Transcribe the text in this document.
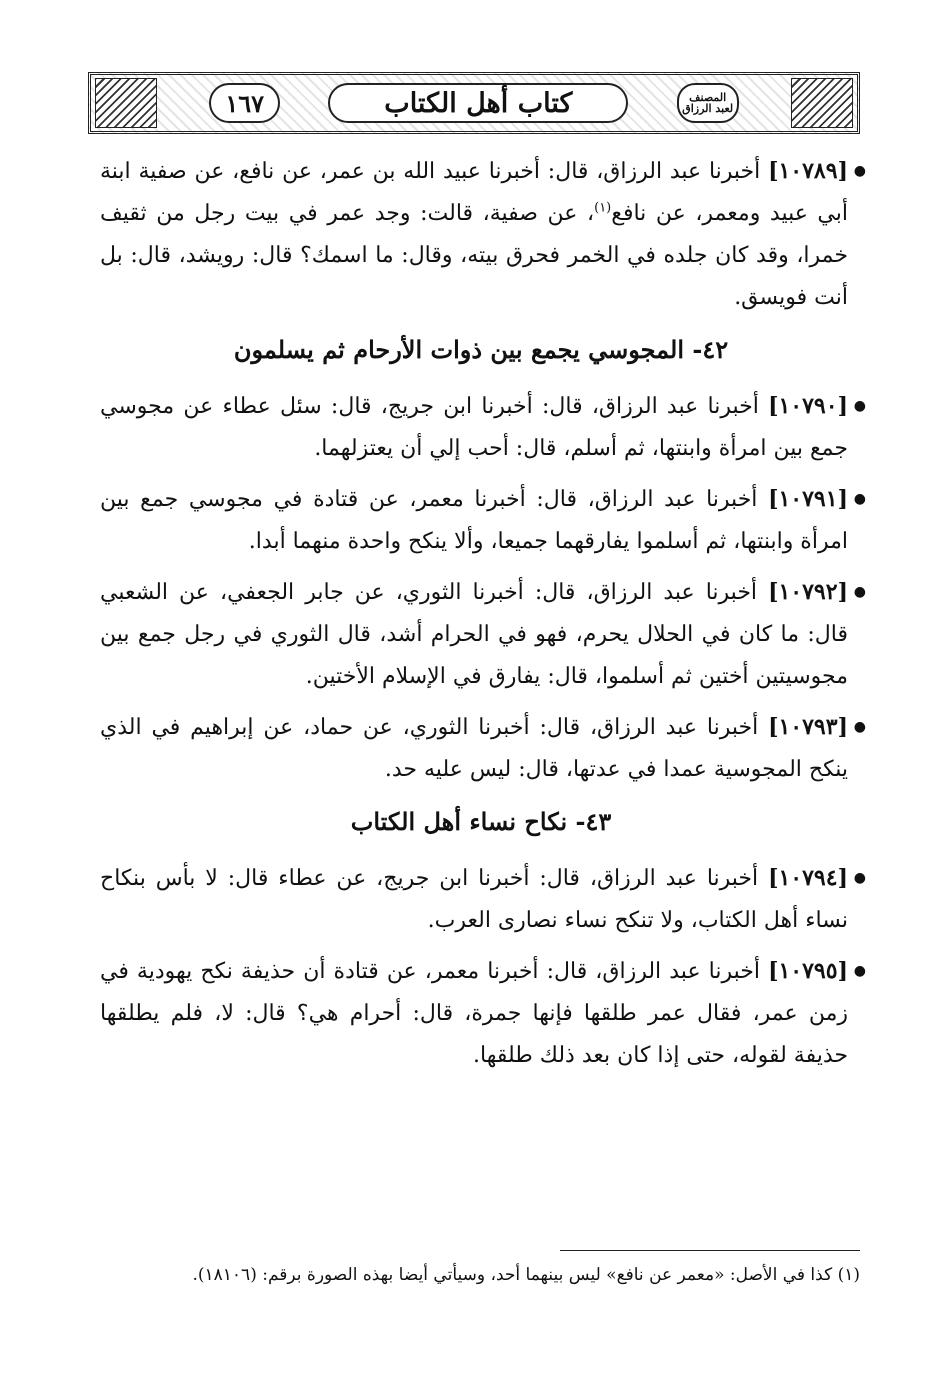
١٦٧	كتاب أهل الكتاب	المصنف لعبد الرزاق

●
[١٠٧٨٩] أخبرنا عبد الرزاق، قال: أخبرنا عبيد الله بن عمر، عن نافع، عن صفية ابنة أبي عبيد ومعمر، عن نافع$^{(١)}$، عن صفية، قالت: وجد عمر في بيت رجل من ثقيف خمرا، وقد كان جلده في الخمر فحرق بيته، وقال: ما اسمك؟ قال: رويشد، قال: بل أنت فويسق.

٤٢- المجوسي يجمع بين ذوات الأرحام ثم يسلمون

●
[١٠٧٩٠] أخبرنا عبد الرزاق، قال: أخبرنا ابن جريج، قال: سئل عطاء عن مجوسي جمع بين امرأة وابنتها، ثم أسلم، قال: أحب إلي أن يعتزلهما.

●
[١٠٧٩١] أخبرنا عبد الرزاق، قال: أخبرنا معمر، عن قتادة في مجوسي جمع بين امرأة وابنتها، ثم أسلموا يفارقهما جميعا، وألا ينكح واحدة منهما أبدا.

●
[١٠٧٩٢] أخبرنا عبد الرزاق، قال: أخبرنا الثوري، عن جابر الجعفي، عن الشعبي قال: ما كان في الحلال يحرم، فهو في الحرام أشد، قال الثوري في رجل جمع بين مجوسيتين أختين ثم أسلموا، قال: يفارق في الإسلام الأختين.

●
[١٠٧٩٣] أخبرنا عبد الرزاق، قال: أخبرنا الثوري، عن حماد، عن إبراهيم في الذي ينكح المجوسية عمدا في عدتها، قال: ليس عليه حد.

٤٣- نكاح نساء أهل الكتاب

●
[١٠٧٩٤] أخبرنا عبد الرزاق، قال: أخبرنا ابن جريج، عن عطاء قال: لا بأس بنكاح نساء أهل الكتاب، ولا تنكح نساء نصارى العرب.

●
[١٠٧٩٥] أخبرنا عبد الرزاق، قال: أخبرنا معمر، عن قتادة أن حذيفة نكح يهودية في زمن عمر، فقال عمر طلقها فإنها جمرة، قال: أحرام هي؟ قال: لا، فلم يطلقها حذيفة لقوله، حتى إذا كان بعد ذلك طلقها.

(١) كذا في الأصل: «معمر عن نافع» ليس بينهما أحد، وسيأتي أيضا بهذه الصورة برقم: (١٨١٠٦).
